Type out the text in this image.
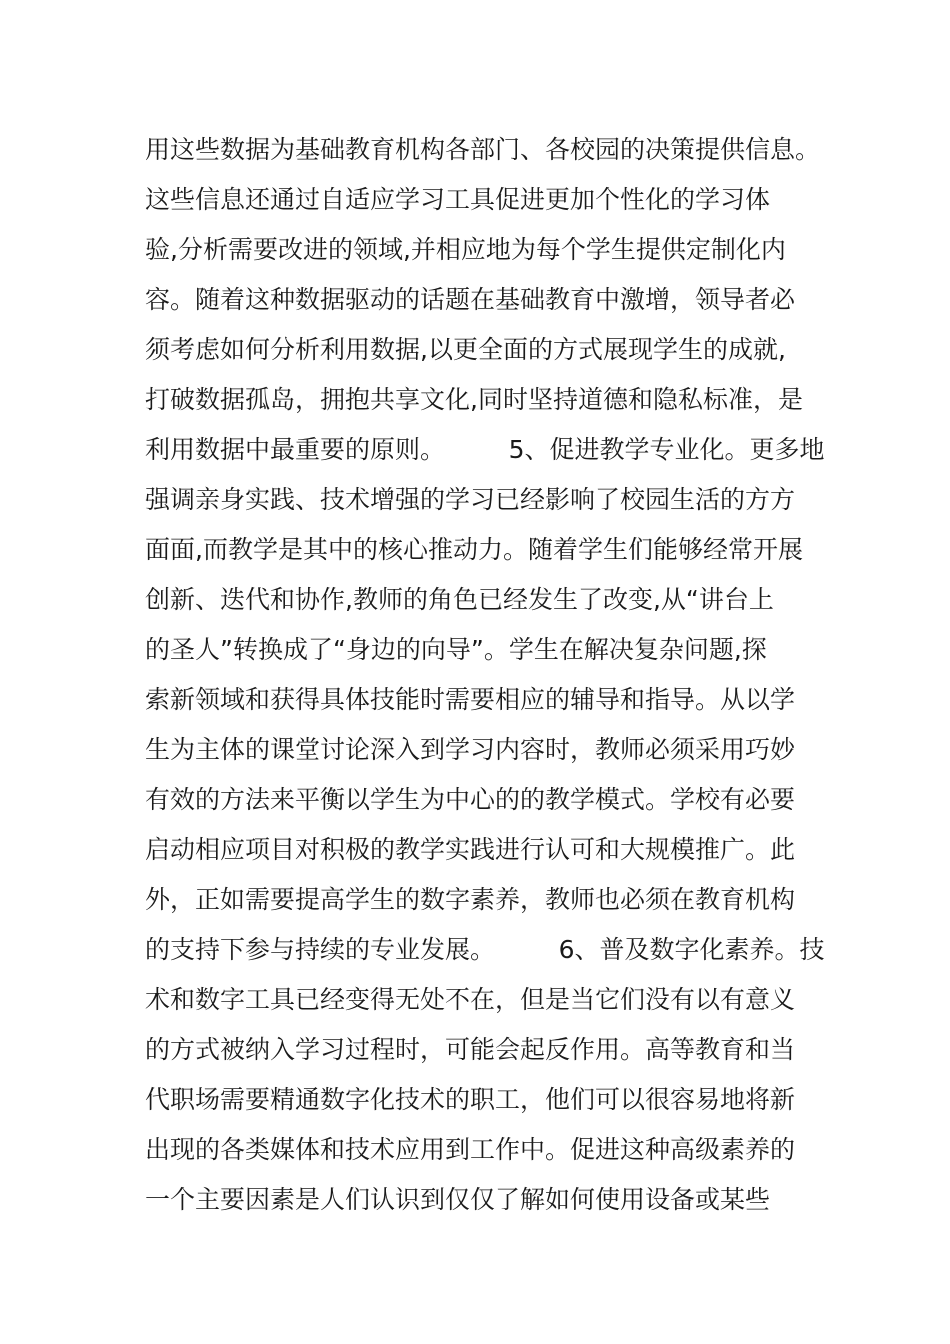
用这些数据为基础教育机构各部门、各校园的决策提供信息。
这些信息还通过自适应学习工具促进更加个性化的学习体
验,分析需要改进的领域,并相应地为每个学生提供定制化内
容。随着这种数据驱动的话题在基础教育中激增，领导者必
须考虑如何分析利用数据,以更全面的方式展现学生的成就,
打破数据孤岛，拥抱共享文化,同时坚持道德和隐私标准，是
利用数据中最重要的原则。        5、促进教学专业化。更多地
强调亲身实践、技术增强的学习已经影响了校园生活的方方
面面,而教学是其中的核心推动力。随着学生们能够经常开展
创新、迭代和协作,教师的角色已经发生了改变,从“讲台上
的圣人”转换成了“身边的向导”。学生在解决复杂问题,探
索新领域和获得具体技能时需要相应的辅导和指导。从以学
生为主体的课堂讨论深入到学习内容时，教师必须采用巧妙
有效的方法来平衡以学生为中心的的教学模式。学校有必要
启动相应项目对积极的教学实践进行认可和大规模推广。此
外，正如需要提高学生的数字素养，教师也必须在教育机构
的支持下参与持续的专业发展。        6、普及数字化素养。技
术和数字工具已经变得无处不在，但是当它们没有以有意义
的方式被纳入学习过程时，可能会起反作用。高等教育和当
代职场需要精通数字化技术的职工，他们可以很容易地将新
出现的各类媒体和技术应用到工作中。促进这种高级素养的
一个主要因素是人们认识到仅仅了解如何使用设备或某些
